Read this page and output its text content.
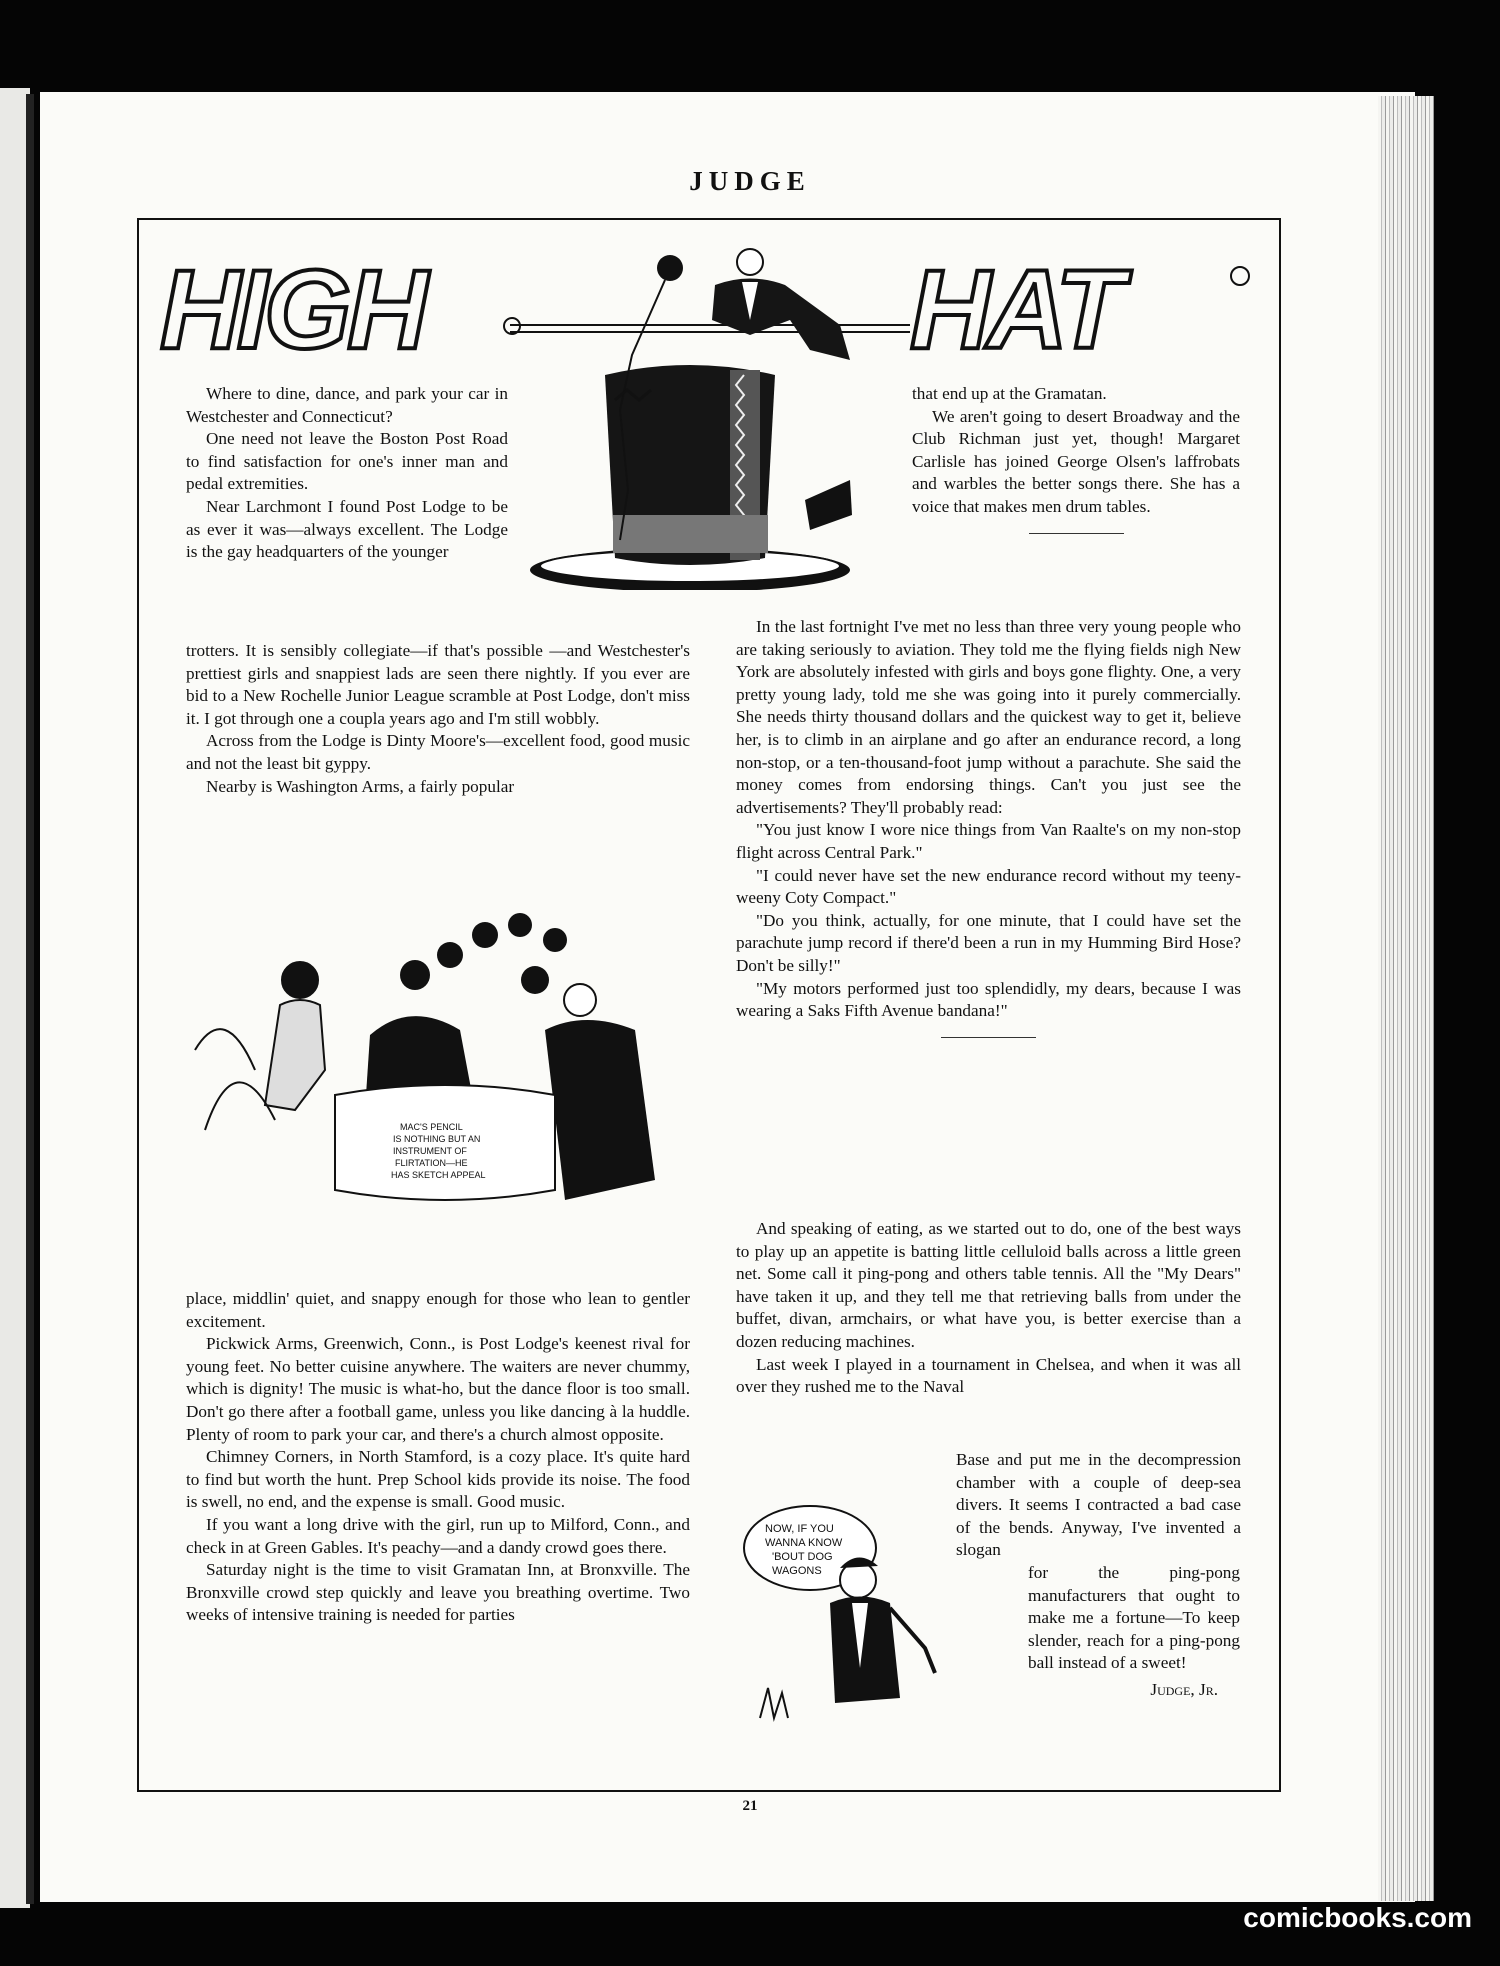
JUDGE
HIGH	HAT

Where to dine, dance, and park your car in Westchester and Connecticut?

One need not leave the Boston Post Road to find satisfaction for one's inner man and pedal extremities.

Near Larchmont I found Post Lodge to be as ever it was—always excellent. The Lodge is the gay headquarters of the younger

trotters. It is sensibly collegiate—if that's possible —and Westchester's prettiest girls and snappiest lads are seen there nightly. If you ever are bid to a New Rochelle Junior League scramble at Post Lodge, don't miss it. I got through one a coupla years ago and I'm still wobbly.

Across from the Lodge is Dinty Moore's—excellent food, good music and not the least bit gyppy.

Nearby is Washington Arms, a fairly popular

MAC'S PENCIL
IS NOTHING BUT AN
INSTRUMENT OF
FLIRTATION—HE
HAS SKETCH APPEAL

place, middlin' quiet, and snappy enough for those who lean to gentler excitement.

Pickwick Arms, Greenwich, Conn., is Post Lodge's keenest rival for young feet. No better cuisine anywhere. The waiters are never chummy, which is dignity! The music is what-ho, but the dance floor is too small. Don't go there after a football game, unless you like dancing à la huddle. Plenty of room to park your car, and there's a church almost opposite.

Chimney Corners, in North Stamford, is a cozy place. It's quite hard to find but worth the hunt. Prep School kids provide its noise. The food is swell, no end, and the expense is small. Good music.

If you want a long drive with the girl, run up to Milford, Conn., and check in at Green Gables. It's peachy—and a dandy crowd goes there.

Saturday night is the time to visit Gramatan Inn, at Bronxville. The Bronxville crowd step quickly and leave you breathing overtime. Two weeks of intensive training is needed for parties

that end up at the Gramatan.

We aren't going to desert Broadway and the Club Richman just yet, though! Margaret Carlisle has joined George Olsen's laffrobats and warbles the better songs there. She has a voice that makes men drum tables.

In the last fortnight I've met no less than three very young people who are taking seriously to aviation. They told me the flying fields nigh New York are absolutely infested with girls and boys gone flighty. One, a very pretty young lady, told me she was going into it purely commercially. She needs thirty thousand dollars and the quickest way to get it, believe her, is to climb in an airplane and go after an endurance record, a long non-stop, or a ten-thousand-foot jump without a parachute. She said the money comes from endorsing things. Can't you just see the advertisements? They'll probably read:

"You just know I wore nice things from Van Raalte's on my non-stop flight across Central Park."

"I could never have set the new endurance record without my teeny-weeny Coty Compact."

"Do you think, actually, for one minute, that I could have set the parachute jump record if there'd been a run in my Humming Bird Hose? Don't be silly!"

"My motors performed just too splendidly, my dears, because I was wearing a Saks Fifth Avenue bandana!"

And speaking of eating, as we started out to do, one of the best ways to play up an appetite is batting little celluloid balls across a little green net. Some call it ping-pong and others table tennis. All the "My Dears" have taken it up, and they tell me that retrieving balls from under the buffet, divan, armchairs, or what have you, is better exercise than a dozen reducing machines.

Last week I played in a tournament in Chelsea, and when it was all over they rushed me to the Naval

Base and put me in the decompression chamber with a couple of deep-sea divers. It seems I contracted a bad case of the bends. Anyway, I've invented a slogan

for the ping-pong manufacturers that ought to make me a fortune—To keep slender, reach for a ping-pong ball instead of a sweet!

Judge, Jr.
NOW, IF YOU
WANNA KNOW
'BOUT DOG
WAGONS
21
comicbooks.com
